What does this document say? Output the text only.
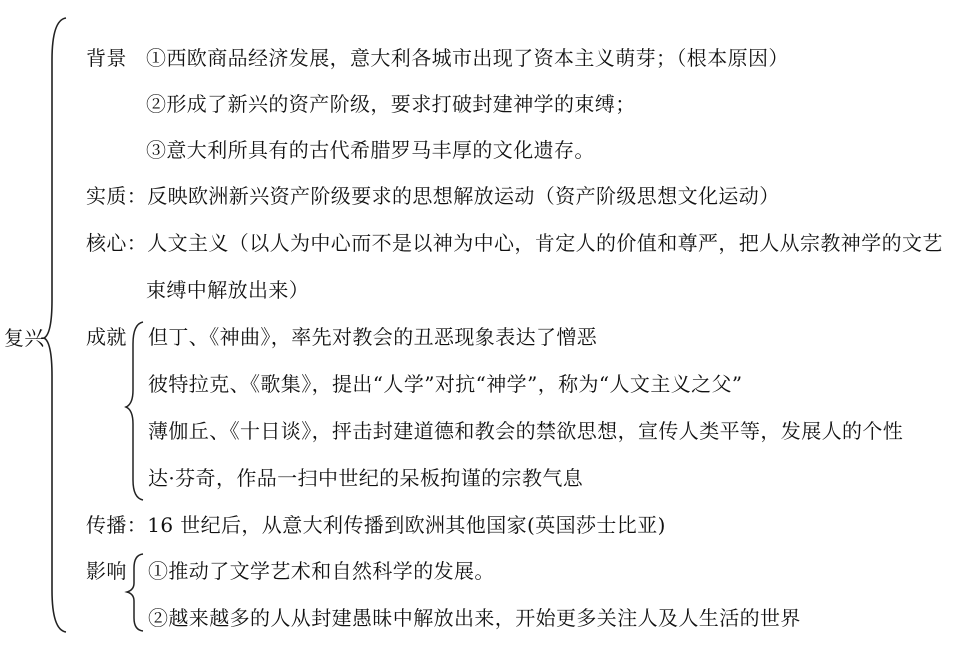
复兴
背景 ①西欧商品经济发展，意大利各城市出现了资本主义萌芽；（根本原因）
②形成了新兴的资产阶级，要求打破封建神学的束缚；
③意大利所具有的古代希腊罗马丰厚的文化遗存。
实质：反映欧洲新兴资产阶级要求的思想解放运动（资产阶级思想文化运动）
核心：人文主义（以人为中心而不是以神为中心，肯定人的价值和尊严，把人从宗教神学的文艺
束缚中解放出来）
成就 但丁、《神曲》，率先对教会的丑恶现象表达了憎恶
彼特拉克、《歌集》，提出“人学”对抗“神学”，称为“人文主义之父”
薄伽丘、《十日谈》，抨击封建道德和教会的禁欲思想，宣传人类平等，发展人的个性
达·芬奇，作品一扫中世纪的呆板拘谨的宗教气息
传播：16 世纪后，从意大利传播到欧洲其他国家(英国莎士比亚)
影响 ①推动了文学艺术和自然科学的发展。
②越来越多的人从封建愚昧中解放出来，开始更多关注人及人生活的世界
